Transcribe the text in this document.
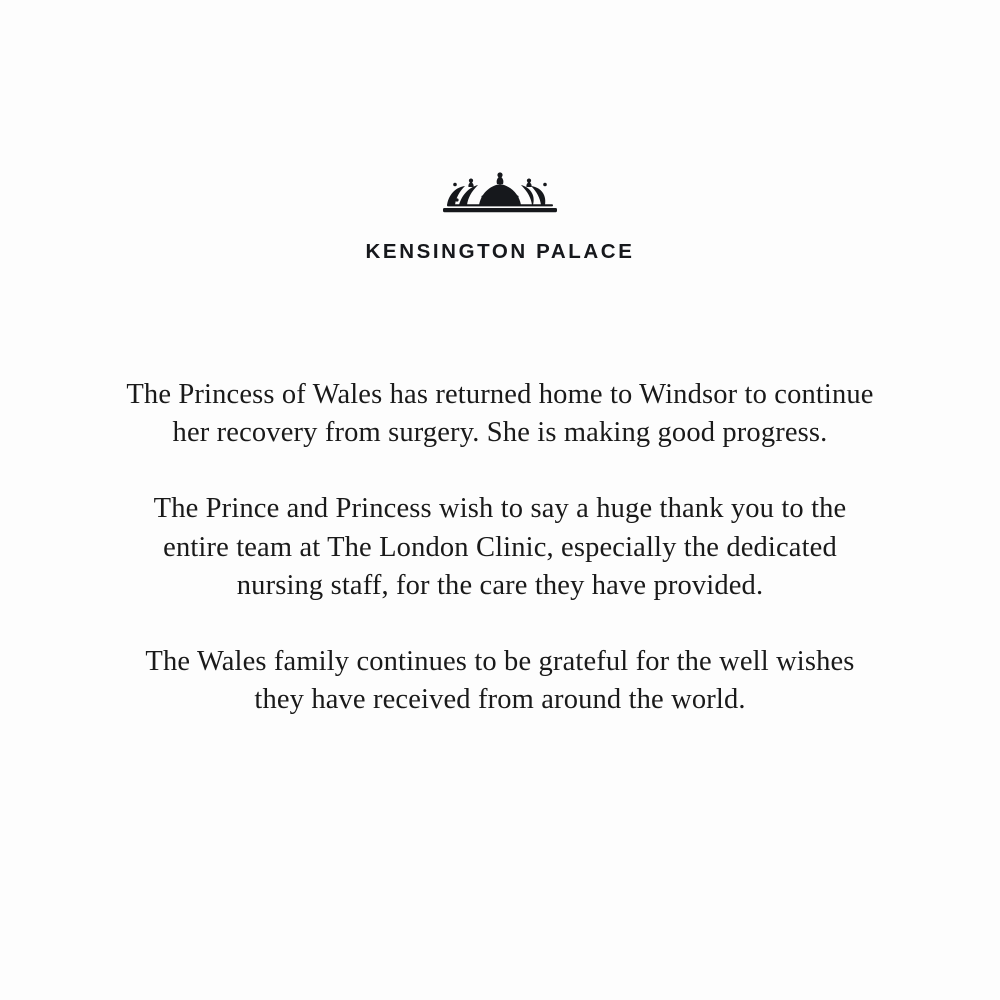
KENSINGTON PALACE

The Princess of Wales has returned home to Windsor to continue her recovery from surgery. She is making good progress.

The Prince and Princess wish to say a huge thank you to the entire team at The London Clinic, especially the dedicated nursing staff, for the care they have provided.

The Wales family continues to be grateful for the well wishes they have received from around the world.
